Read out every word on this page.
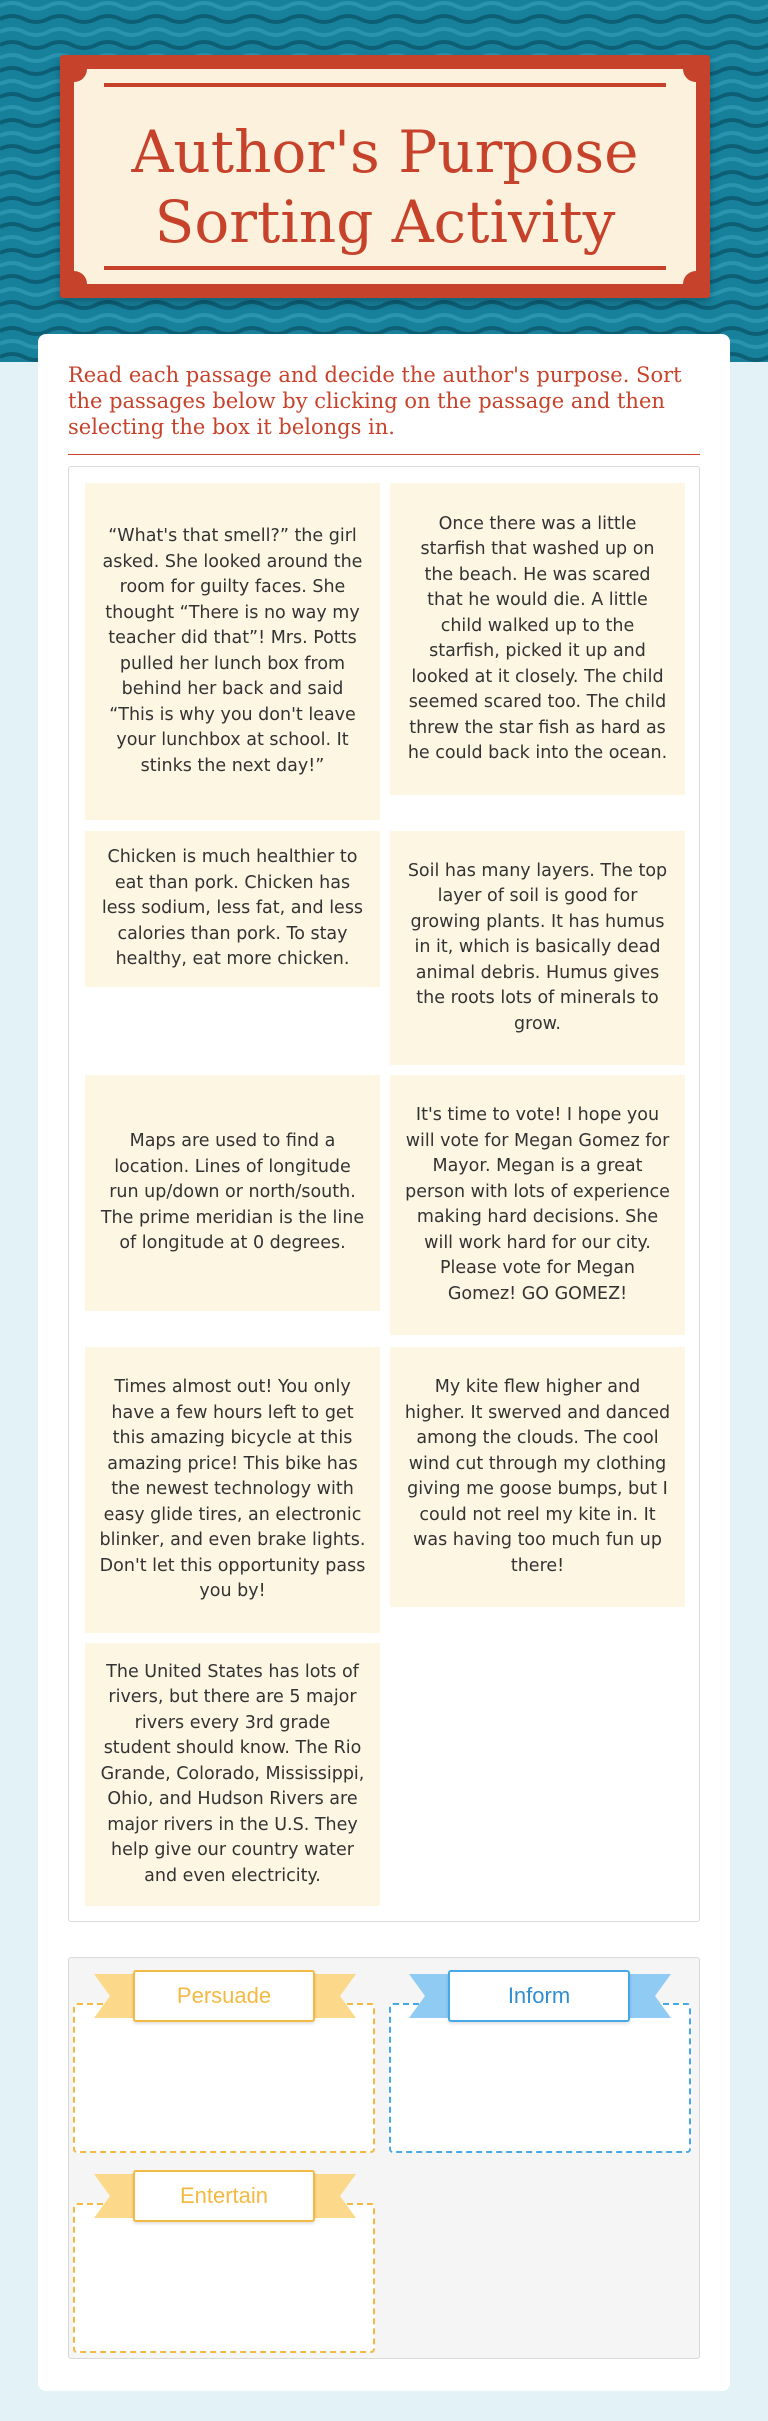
Author's Purpose
Sorting Activity
Read each passage and decide the author's purpose. Sort the passages below by clicking on the passage and then selecting the box it belongs in.
“What's that smell?” the girl asked. She looked around the room for guilty faces. She thought “There is no way my teacher did that”! Mrs. Potts pulled her lunch box from behind her back and said “This is why you don't leave your lunchbox at school. It stinks the next day!”
Once there was a little starfish that washed up on the beach. He was scared that he would die. A little child walked up to the starfish, picked it up and looked at it closely. The child seemed scared too. The child threw the star fish as hard as he could back into the ocean.
Chicken is much healthier to eat than pork. Chicken has less sodium, less fat, and less calories than pork. To stay healthy, eat more chicken.
Soil has many layers. The top layer of soil is good for growing plants. It has humus in it, which is basically dead animal debris. Humus gives the roots lots of minerals to grow.
Maps are used to find a location. Lines of longitude run up/down or north/south. The prime meridian is the line of longitude at 0 degrees.
It's time to vote! I hope you will vote for Megan Gomez for Mayor. Megan is a great person with lots of experience making hard decisions. She will work hard for our city. Please vote for Megan Gomez! GO GOMEZ!
Times almost out! You only have a few hours left to get this amazing bicycle at this amazing price! This bike has the newest technology with easy glide tires, an electronic blinker, and even brake lights. Don't let this opportunity pass you by!
My kite flew higher and higher. It swerved and danced among the clouds. The cool wind cut through my clothing giving me goose bumps, but I could not reel my kite in. It was having too much fun up there!
The United States has lots of rivers, but there are 5 major rivers every 3rd grade student should know. The Rio Grande, Colorado, Mississippi, Ohio, and Hudson Rivers are major rivers in the U.S. They help give our country water and even electricity.
Persuade	Inform
Entertain
